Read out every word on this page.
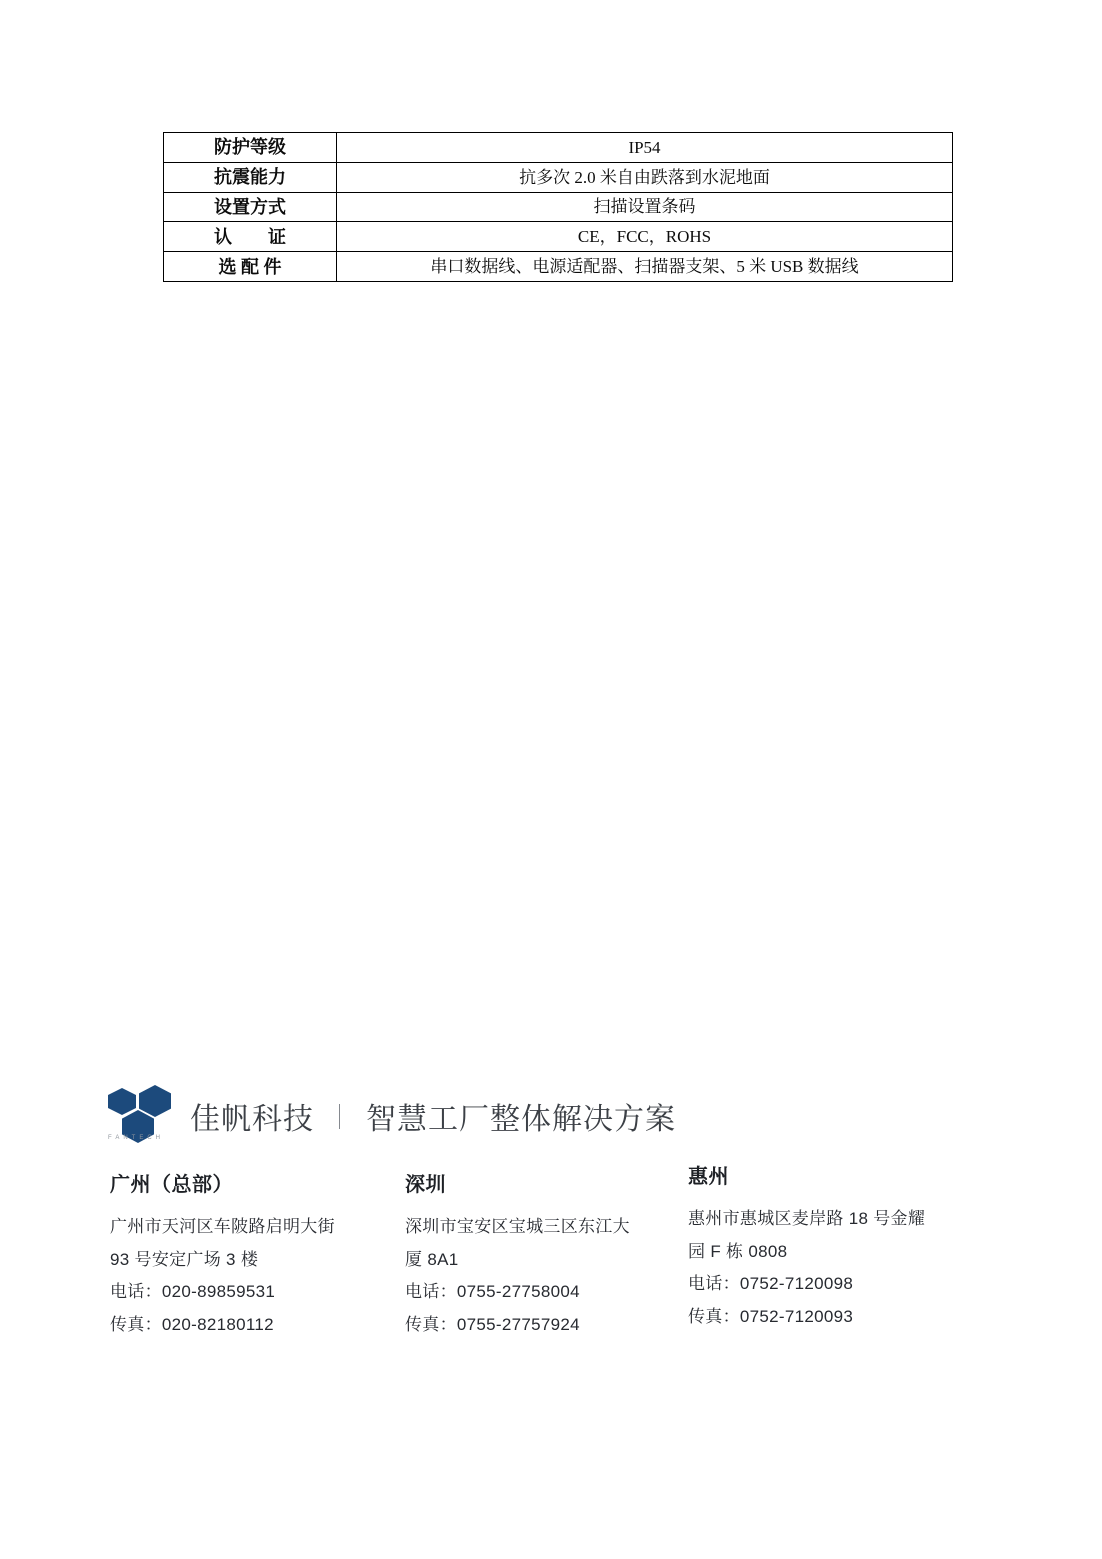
防护等级	IP54
抗震能力	抗多次 2.0 米自由跌落到水泥地面
设置方式	扫描设置条码
认　　证	CE，FCC，ROHS
选 配 件	串口数据线、电源适配器、扫描器支架、5 米 USB 数据线
FANTECH
佳帆科技 ｜ 智慧工厂整体解决方案
广州（总部）
广州市天河区车陂路启明大街
93 号安定广场 3 楼
电话：020-89859531
传真：020-82180112
深圳
深圳市宝安区宝城三区东江大
厦 8A1
电话：0755-27758004
传真：0755-27757924
惠州
惠州市惠城区麦岸路 18 号金耀
园 F 栋 0808
电话：0752-7120098
传真：0752-7120093
